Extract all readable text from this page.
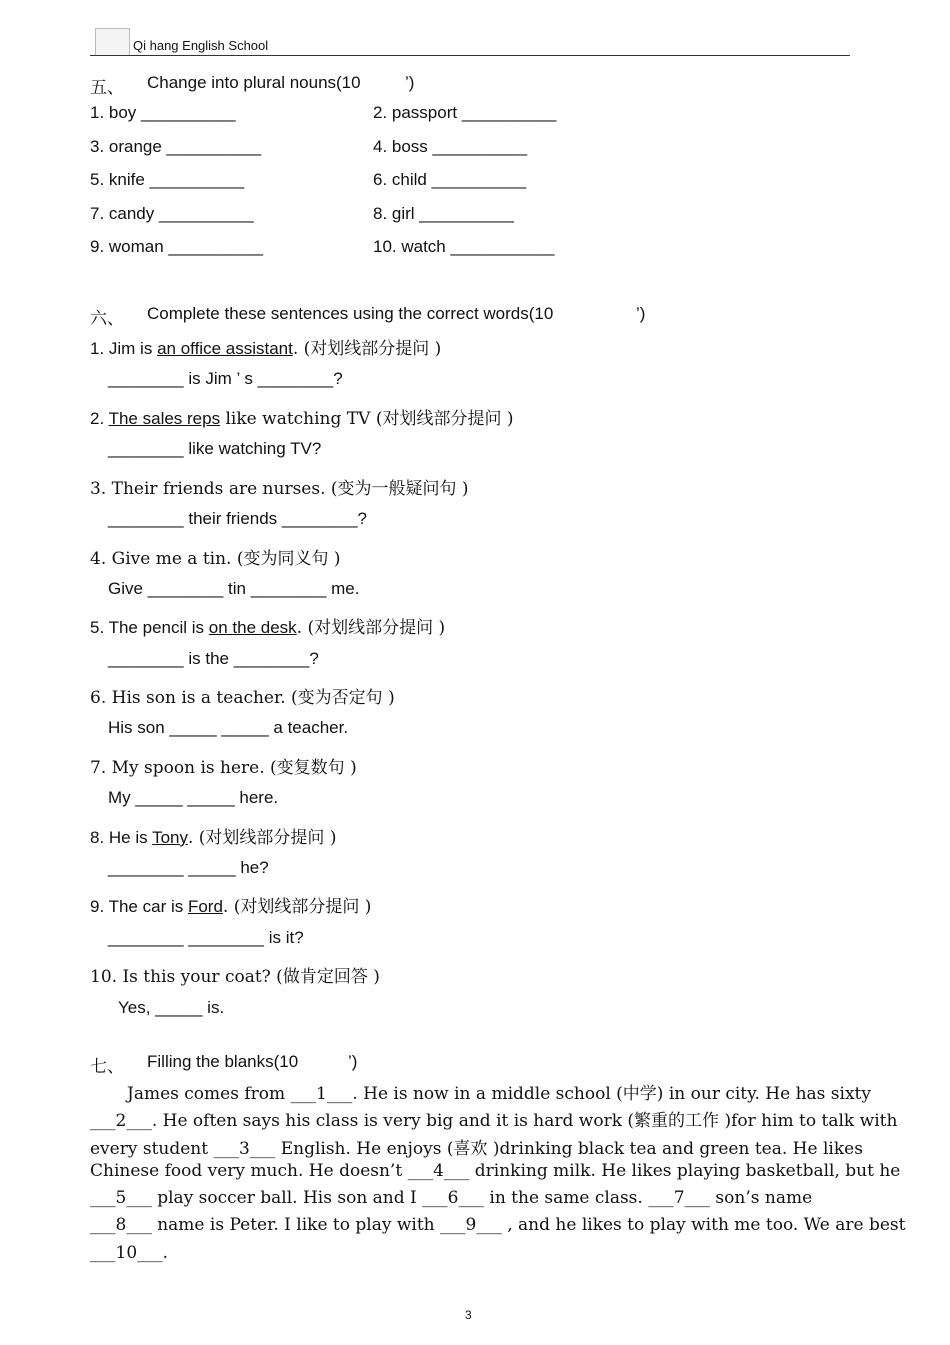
Qi hang English School
五、 Change into plural nouns(10	’)
1. boy __________	2. passport __________
3. orange __________	4. boss __________
5. knife __________	6. child __________
7. candy __________	8. girl __________
9. woman __________	10. watch ___________
六、 Complete these sentences using the correct words(10	’)
1. Jim is an office assistant. (对划线部分提问 )
________ is Jim ’ s ________?
2. The sales reps like watching TV (对划线部分提问 )
________ like watching TV?
3. Their friends are nurses. (变为一般疑问句 )
________ their friends ________?
4. Give me a tin. (变为同义句 )
Give ________ tin ________ me.
5. The pencil is on the desk. (对划线部分提问 )
________ is the ________?
6. His son is a teacher. (变为否定句 )
His son _____ _____ a teacher.
7. My spoon is here. (变复数句 )
My _____ _____ here.
8. He is Tony. (对划线部分提问 )
________ _____ he?
9. The car is Ford. (对划线部分提问 )
________ ________ is it?
10. Is this your coat? (做肯定回答 )
Yes, _____ is.
七、 Filling the blanks(10	’)
James comes from ___1___. He is now in a middle school (中学) in our city. He has sixty
___2___. He often says his class is very big and it is hard work (繁重的工作 )for him to talk with
every student ___3___ English. He enjoys (喜欢 )drinking black tea and green tea. He likes
Chinese food very much. He doesn’t ___4___ drinking milk. He likes playing basketball, but he
___5___ play soccer ball. His son and I ___6___ in the same class. ___7___ son’s name
___8___ name is Peter. I like to play with ___9___ , and he likes to play with me too. We are best
___10___.
3
